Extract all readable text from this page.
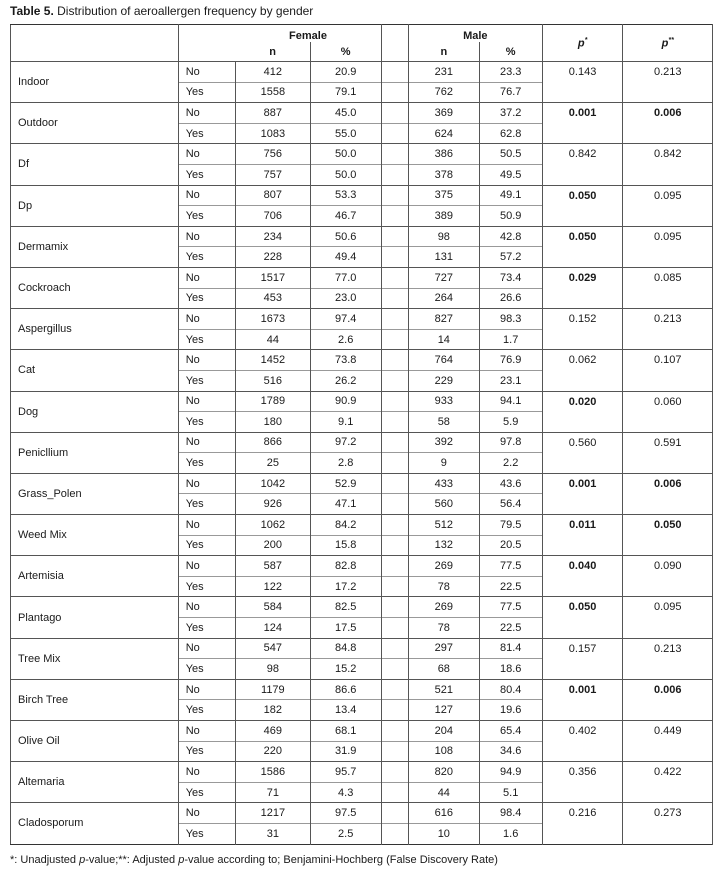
Table 5. Distribution of aeroallergen frequency by gender
		Female			Male		p*	p**
		n	%		n	%		
Indoor	No	412	20.9		231	23.3	0.143	0.213
	Yes	1558	79.1		762	76.7		
Outdoor	No	887	45.0		369	37.2	0.001	0.006
	Yes	1083	55.0		624	62.8		
Df	No	756	50.0		386	50.5	0.842	0.842
	Yes	757	50.0		378	49.5		
Dp	No	807	53.3		375	49.1	0.050	0.095
	Yes	706	46.7		389	50.9		
Dermamix	No	234	50.6		98	42.8	0.050	0.095
	Yes	228	49.4		131	57.2		
Cockroach	No	1517	77.0		727	73.4	0.029	0.085
	Yes	453	23.0		264	26.6		
Aspergillus	No	1673	97.4		827	98.3	0.152	0.213
	Yes	44	2.6		14	1.7		
Cat	No	1452	73.8		764	76.9	0.062	0.107
	Yes	516	26.2		229	23.1		
Dog	No	1789	90.9		933	94.1	0.020	0.060
	Yes	180	9.1		58	5.9		
Penicllium	No	866	97.2		392	97.8	0.560	0.591
	Yes	25	2.8		9	2.2		
Grass_Polen	No	1042	52.9		433	43.6	0.001	0.006
	Yes	926	47.1		560	56.4		
Weed Mix	No	1062	84.2		512	79.5	0.011	0.050
	Yes	200	15.8		132	20.5		
Artemisia	No	587	82.8		269	77.5	0.040	0.090
	Yes	122	17.2		78	22.5		
Plantago	No	584	82.5		269	77.5	0.050	0.095
	Yes	124	17.5		78	22.5		
Tree Mix	No	547	84.8		297	81.4	0.157	0.213
	Yes	98	15.2		68	18.6		
Birch Tree	No	1179	86.6		521	80.4	0.001	0.006
	Yes	182	13.4		127	19.6		
Olive Oil	No	469	68.1		204	65.4	0.402	0.449
	Yes	220	31.9		108	34.6		
Altemaria	No	1586	95.7		820	94.9	0.356	0.422
	Yes	71	4.3		44	5.1		
Cladosporum	No	1217	97.5		616	98.4	0.216	0.273
	Yes	31	2.5		10	1.6		
*: Unadjusted p-value;**: Adjusted p-value according to; Benjamini-Hochberg (False Discovery Rate)
